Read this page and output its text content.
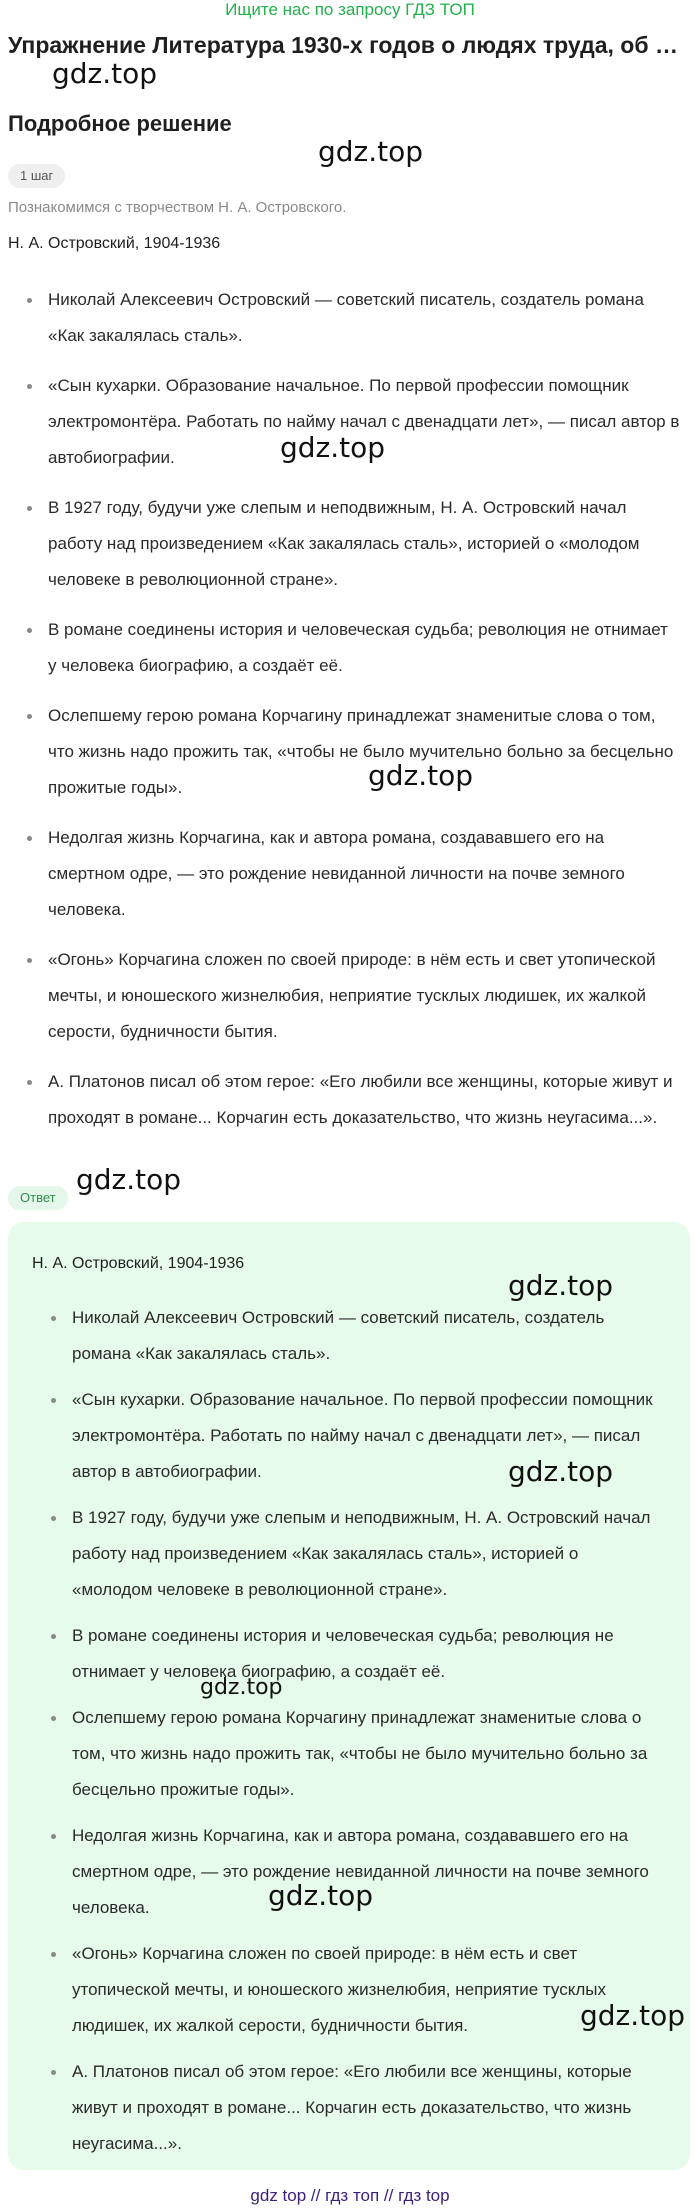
Ищите нас по запросу ГДЗ ТОП
Упражнение Литература 1930-х годов о людях труда, об и...
gdz.top
Подробное решение
gdz.top
1 шаг
Познакомимся с творчеством Н. А. Островского.
Н. А. Островский, 1904-1936
Николай Алексеевич Островский — советский писатель, создатель романа «Как закалялась сталь».
«Сын кухарки. Образование начальное. По первой профессии помощник электромонтёра. Работать по найму начал с двенадцати лет», — писал автор в автобиографии.
В 1927 году, будучи уже слепым и неподвижным, Н. А. Островский начал работу над произведением «Как закалялась сталь», историей о «молодом человеке в революционной стране».
В романе соединены история и человеческая судьба; революция не отнимает у человека биографию, а создаёт её.
Ослепшему герою романа Корчагину принадлежат знаменитые слова о том, что жизнь надо прожить так, «чтобы не было мучительно больно за бесцельно прожитые годы».
Недолгая жизнь Корчагина, как и автора романа, создававшего его на смертном одре, — это рождение невиданной личности на почве земного человека.
«Огонь» Корчагина сложен по своей природе: в нём есть и свет утопической мечты, и юношеского жизнелюбия, неприятие тусклых людишек, их жалкой серости, будничности бытия.
А. Платонов писал об этом герое: «Его любили все женщины, которые живут и проходят в романе... Корчагин есть доказательство, что жизнь неугасима...».
gdz.top
gdz.top
Ответ
gdz.top
Н. А. Островский, 1904-1936
Николай Алексеевич Островский — советский писатель, создатель романа «Как закалялась сталь».
«Сын кухарки. Образование начальное. По первой профессии помощник электромонтёра. Работать по найму начал с двенадцати лет», — писал автор в автобиографии.
В 1927 году, будучи уже слепым и неподвижным, Н. А. Островский начал работу над произведением «Как закалялась сталь», историей о «молодом человеке в революционной стране».
В романе соединены история и человеческая судьба; революция не отнимает у человека биографию, а создаёт её.
Ослепшему герою романа Корчагину принадлежат знаменитые слова о том, что жизнь надо прожить так, «чтобы не было мучительно больно за бесцельно прожитые годы».
Недолгая жизнь Корчагина, как и автора романа, создававшего его на смертном одре, — это рождение невиданной личности на почве земного человека.
«Огонь» Корчагина сложен по своей природе: в нём есть и свет утопической мечты, и юношеского жизнелюбия, неприятие тусклых людишек, их жалкой серости, будничности бытия.
А. Платонов писал об этом герое: «Его любили все женщины, которые живут и проходят в романе... Корчагин есть доказательство, что жизнь неугасима...».
gdz.top
gdz.top
gdz.top
gdz.top
gdz.top
gdz top // гдз топ // гдз top
